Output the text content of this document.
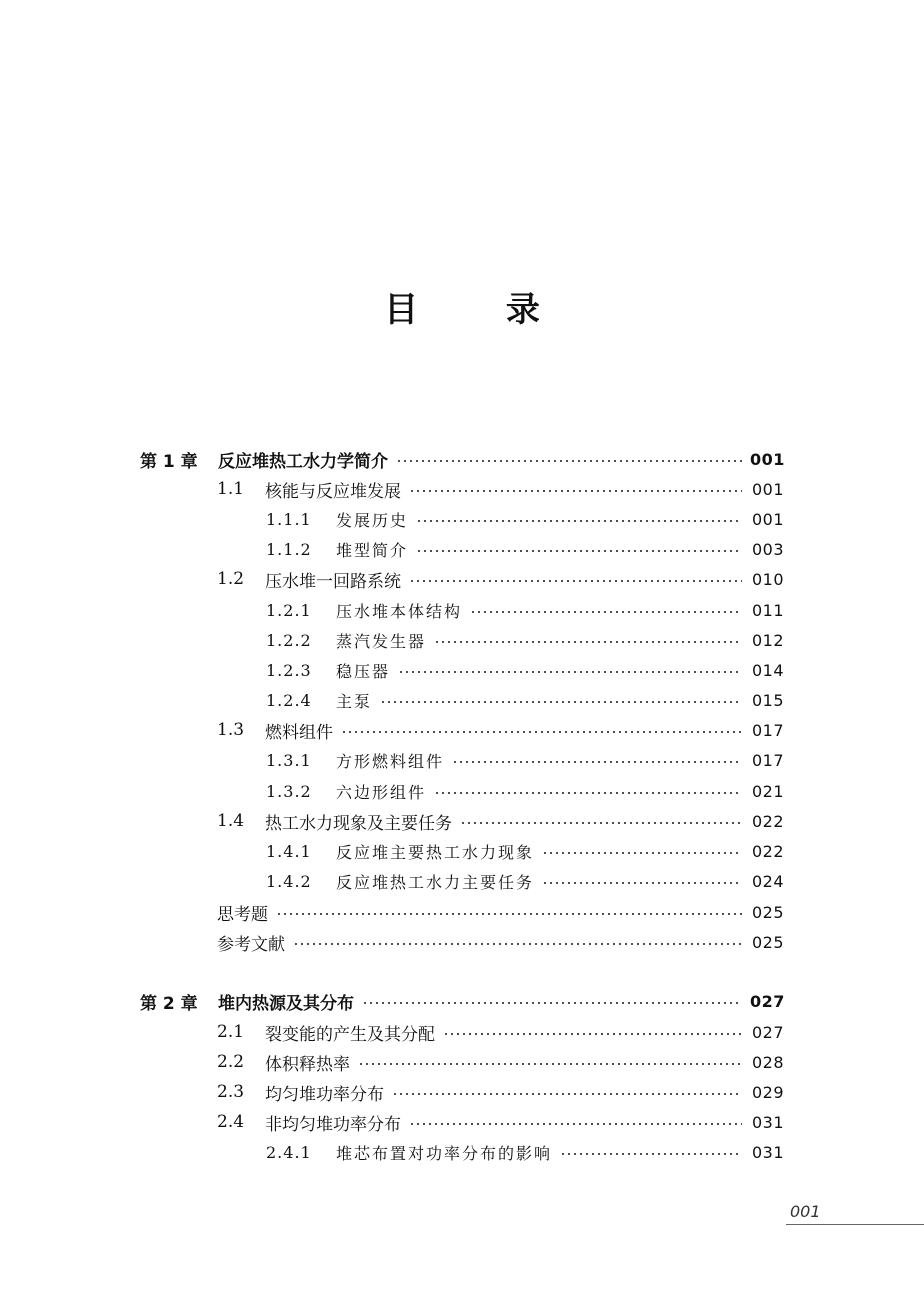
目 录
第 1 章	反应堆热工水力学简介	001
1.1	核能与反应堆发展	001
1.1.1	发展历史	001
1.1.2	堆型简介	003
1.2	压水堆一回路系统	010
1.2.1	压水堆本体结构	011
1.2.2	蒸汽发生器	012
1.2.3	稳压器	014
1.2.4	主泵	015
1.3	燃料组件	017
1.3.1	方形燃料组件	017
1.3.2	六边形组件	021
1.4	热工水力现象及主要任务	022
1.4.1	反应堆主要热工水力现象	022
1.4.2	反应堆热工水力主要任务	024
思考题	025
参考文献	025
第 2 章	堆内热源及其分布	027
2.1	裂变能的产生及其分配	027
2.2	体积释热率	028
2.3	均匀堆功率分布	029
2.4	非均匀堆功率分布	031
2.4.1	堆芯布置对功率分布的影响	031
001
